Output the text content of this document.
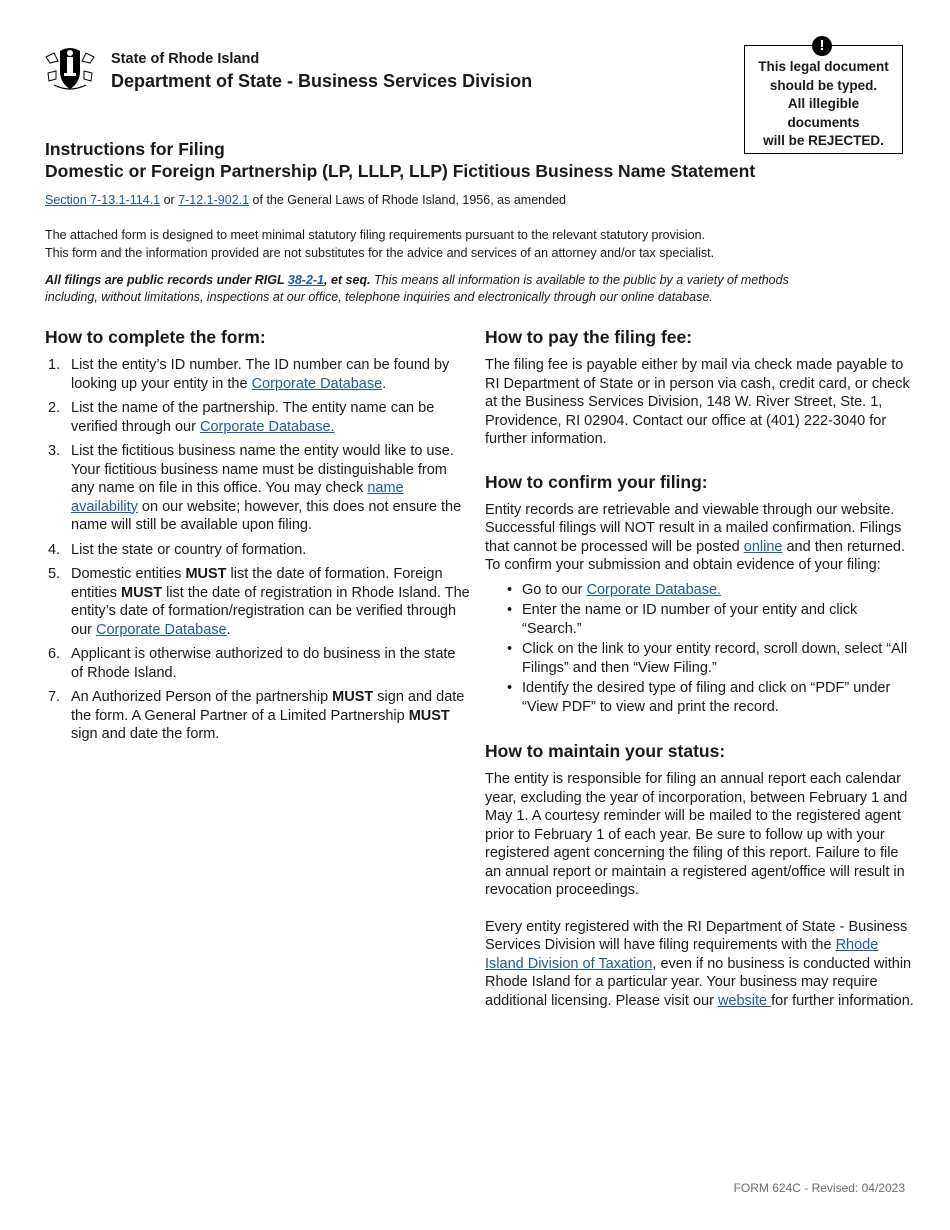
State of Rhode Island
Department of State - Business Services Division
This legal document
should be typed.
All illegible
documents
will be REJECTED.
!
Instructions for Filing
Domestic or Foreign Partnership (LP, LLLP, LLP) Fictitious Business Name Statement
Section 7-13.1-114.1 or 7-12.1-902.1 of the General Laws of Rhode Island, 1956, as amended
The attached form is designed to meet minimal statutory filing requirements pursuant to the relevant statutory provision.
This form and the information provided are not substitutes for the advice and services of an attorney and/or tax specialist.
All filings are public records under RIGL 38-2-1, et seq. This means all information is available to the public by a variety of methods including, without limitations, inspections at our office, telephone inquiries and electronically through our online database.
How to complete the form:
1. List the entity’s ID number. The ID number can be found by looking up your entity in the Corporate Database.
2. List the name of the partnership. The entity name can be verified through our Corporate Database.
3. List the fictitious business name the entity would like to use. Your fictitious business name must be distinguishable from any name on file in this office. You may check name availability on our website; however, this does not ensure the name will still be available upon filing.
4. List the state or country of formation.
5. Domestic entities MUST list the date of formation. Foreign entities MUST list the date of registration in Rhode Island. The entity’s date of formation/registration can be verified through our Corporate Database.
6. Applicant is otherwise authorized to do business in the state of Rhode Island.
7. An Authorized Person of the partnership MUST sign and date the form. A General Partner of a Limited Partnership MUST sign and date the form.
How to pay the filing fee:

The filing fee is payable either by mail via check made payable to RI Department of State or in person via cash, credit card, or check at the Business Services Division, 148 W. River Street, Ste. 1, Providence, RI 02904. Contact our office at (401) 222-3040 for further information.

How to confirm your filing:

Entity records are retrievable and viewable through our website. Successful filings will NOT result in a mailed confirmation. Filings that cannot be processed will be posted online and then returned. To confirm your submission and obtain evidence of your filing:

• Go to our Corporate Database.
• Enter the name or ID number of your entity and click “Search.”
• Click on the link to your entity record, scroll down, select “All Filings” and then “View Filing.”
• Identify the desired type of filing and click on “PDF” under “View PDF” to view and print the record.
How to maintain your status:

The entity is responsible for filing an annual report each calendar year, excluding the year of incorporation, between February 1 and May 1. A courtesy reminder will be mailed to the registered agent prior to February 1 of each year. Be sure to follow up with your registered agent concerning the filing of this report. Failure to file an annual report or maintain a registered agent/office will result in revocation proceedings.

Every entity registered with the RI Department of State - Business Services Division will have filing requirements with the Rhode Island Division of Taxation, even if no business is conducted within Rhode Island for a particular year. Your business may require additional licensing. Please visit our website for further information.

FORM 624C - Revised: 04/2023
